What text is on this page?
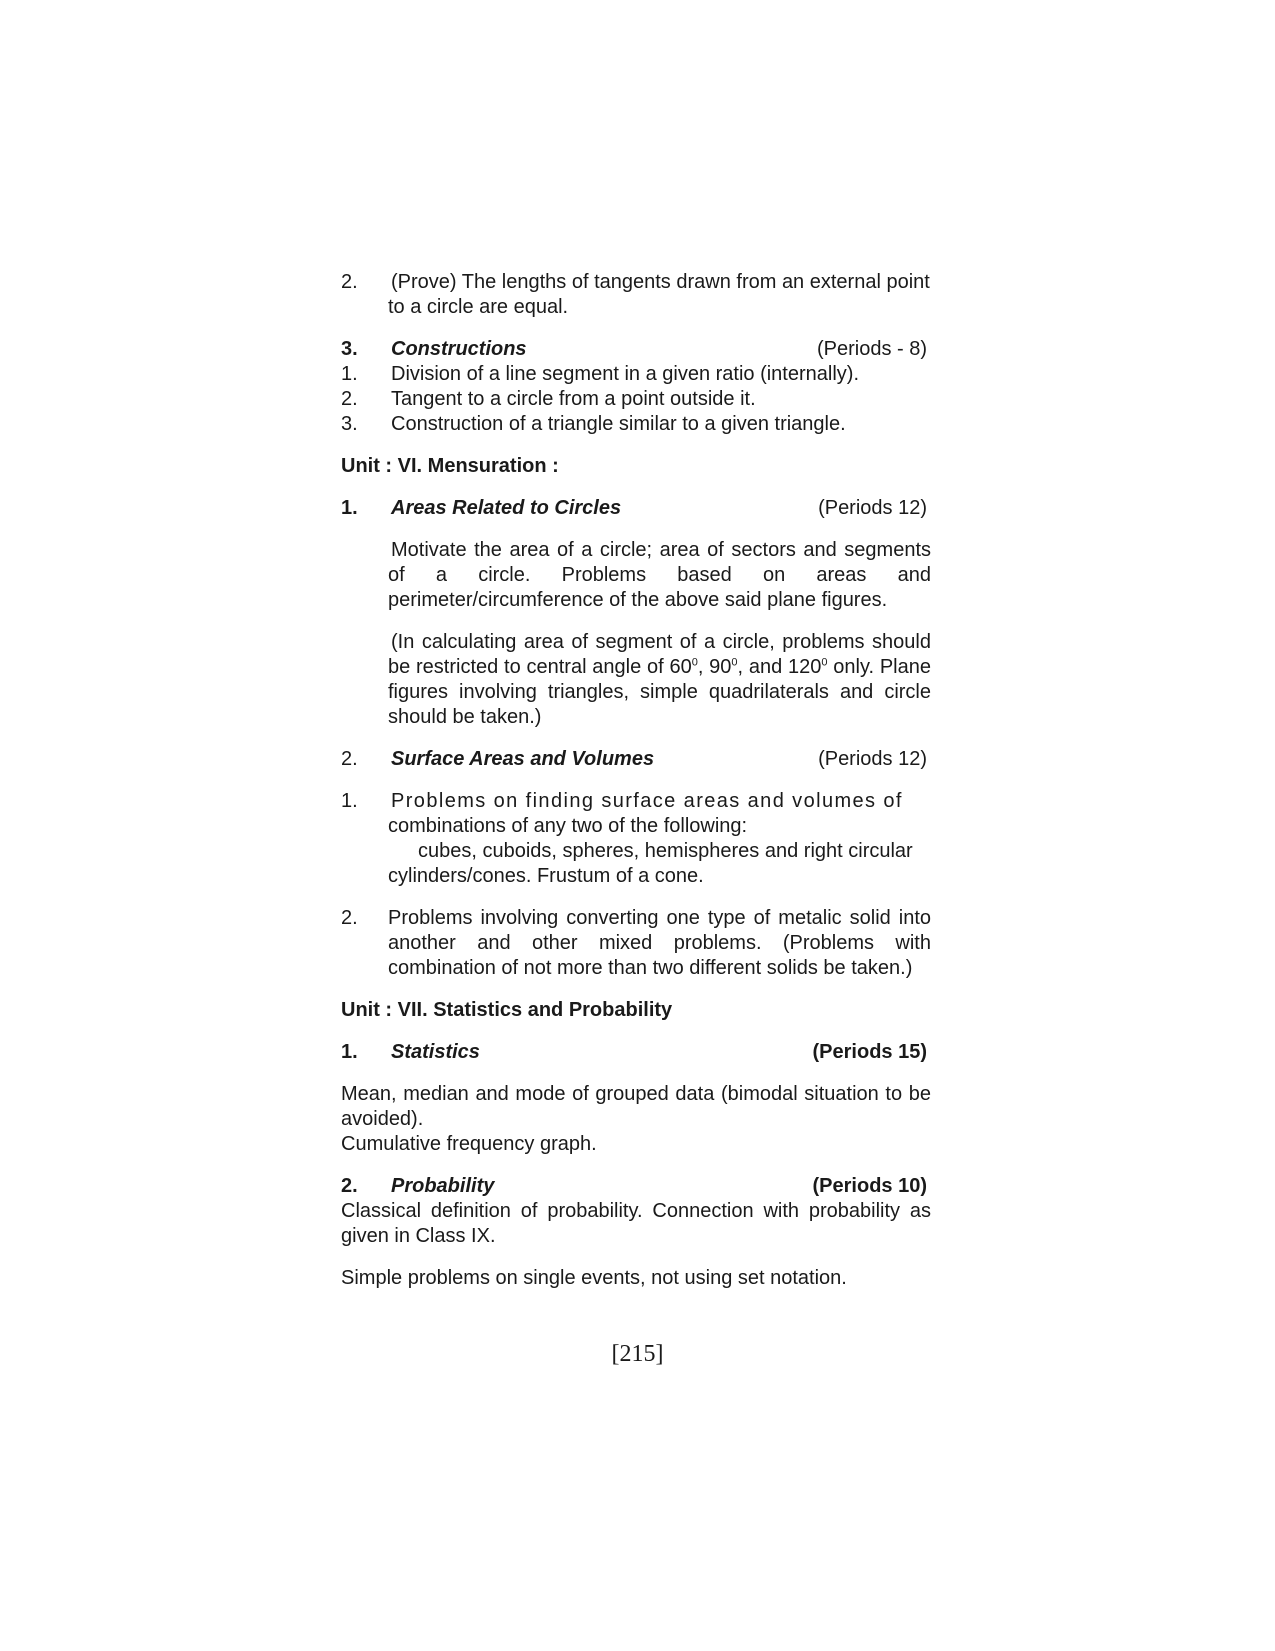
2.	(Prove) The lengths of tangents drawn from an external point
to a circle are equal.
3.	Constructions	(Periods - 8)
1.	Division of a line segment in a given ratio (internally).
2.	Tangent to a circle from a point outside it.
3.	Construction of a triangle similar to a given triangle.
Unit : VI. Mensuration :
1.	Areas Related to Circles	(Periods 12)
Motivate the area of a circle; area of sectors and segments of a circle. Problems based on areas and perimeter/circumference of the above said plane figures.
(In calculating area of segment of a circle, problems should be restricted to central angle of $60^0$, $90^0$, and $120^0$ only. Plane figures involving triangles, simple quadrilaterals and circle should be taken.)
2.	Surface Areas and Volumes	(Periods 12)
1.	Problems on finding surface areas and volumes of
combinations of any two of the following:
cubes, cuboids, spheres, hemispheres and right circular
cylinders/cones. Frustum of a cone.
2.	Problems involving converting one type of metalic solid into another and other mixed problems. (Problems with combination of not more than two different solids be taken.)
Unit : VII. Statistics and Probability
1.	Statistics	(Periods 15)
Mean, median and mode of grouped data (bimodal situation to be avoided).
Cumulative frequency graph.
2.	Probability	(Periods 10)
Classical definition of probability. Connection with probability as given in Class IX.
Simple problems on single events, not using set notation.
[215]
